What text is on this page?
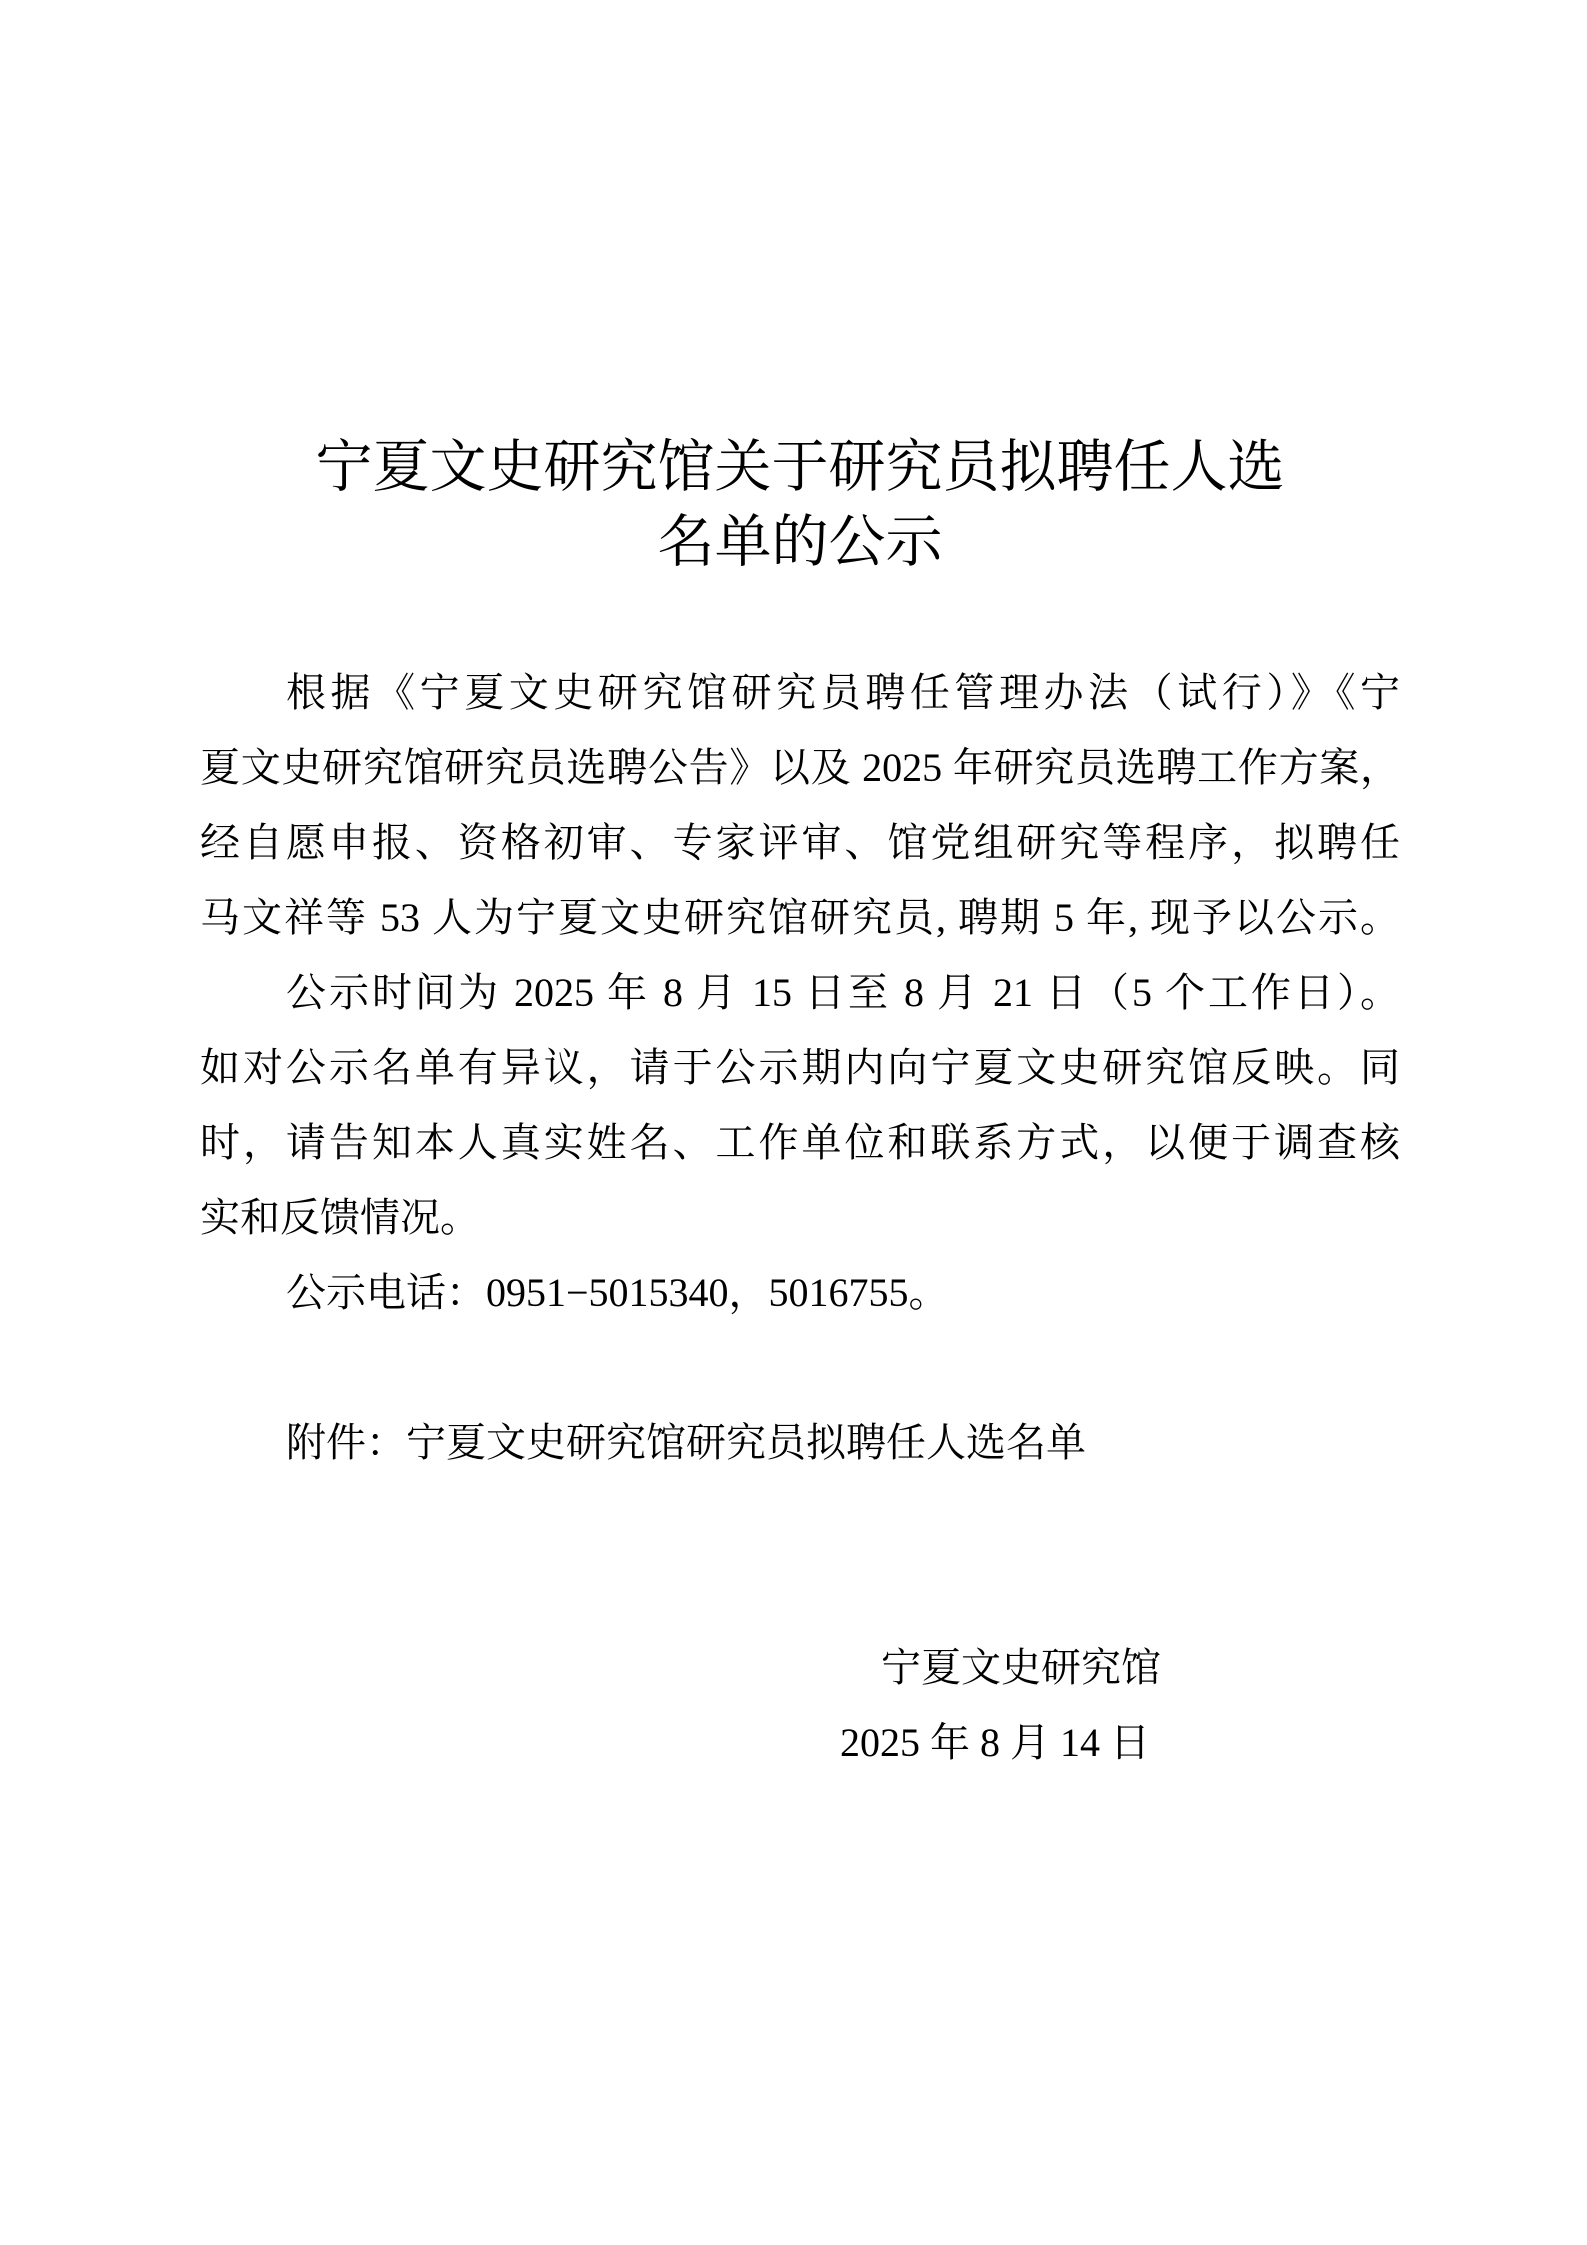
宁夏文史研究馆关于研究员拟聘任人选
名单的公示
根据《宁夏文史研究馆研究员聘任管理办法（试行）》《宁
夏文史研究馆研究员选聘公告》以及 2025 年研究员选聘工作方案，
经自愿申报、资格初审、专家评审、馆党组研究等程序，拟聘任
马文祥等 53 人为宁夏文史研究馆研究员, 聘期 5 年, 现予以公示。
公示时间为 2025 年 8 月 15 日至 8 月 21 日（5 个工作日）。
如对公示名单有异议，请于公示期内向宁夏文史研究馆反映。同
时，请告知本人真实姓名、工作单位和联系方式，以便于调查核
实和反馈情况。
公示电话：0951−5015340，5016755。
附件：宁夏文史研究馆研究员拟聘任人选名单
宁夏文史研究馆
2025 年 8 月 14 日
